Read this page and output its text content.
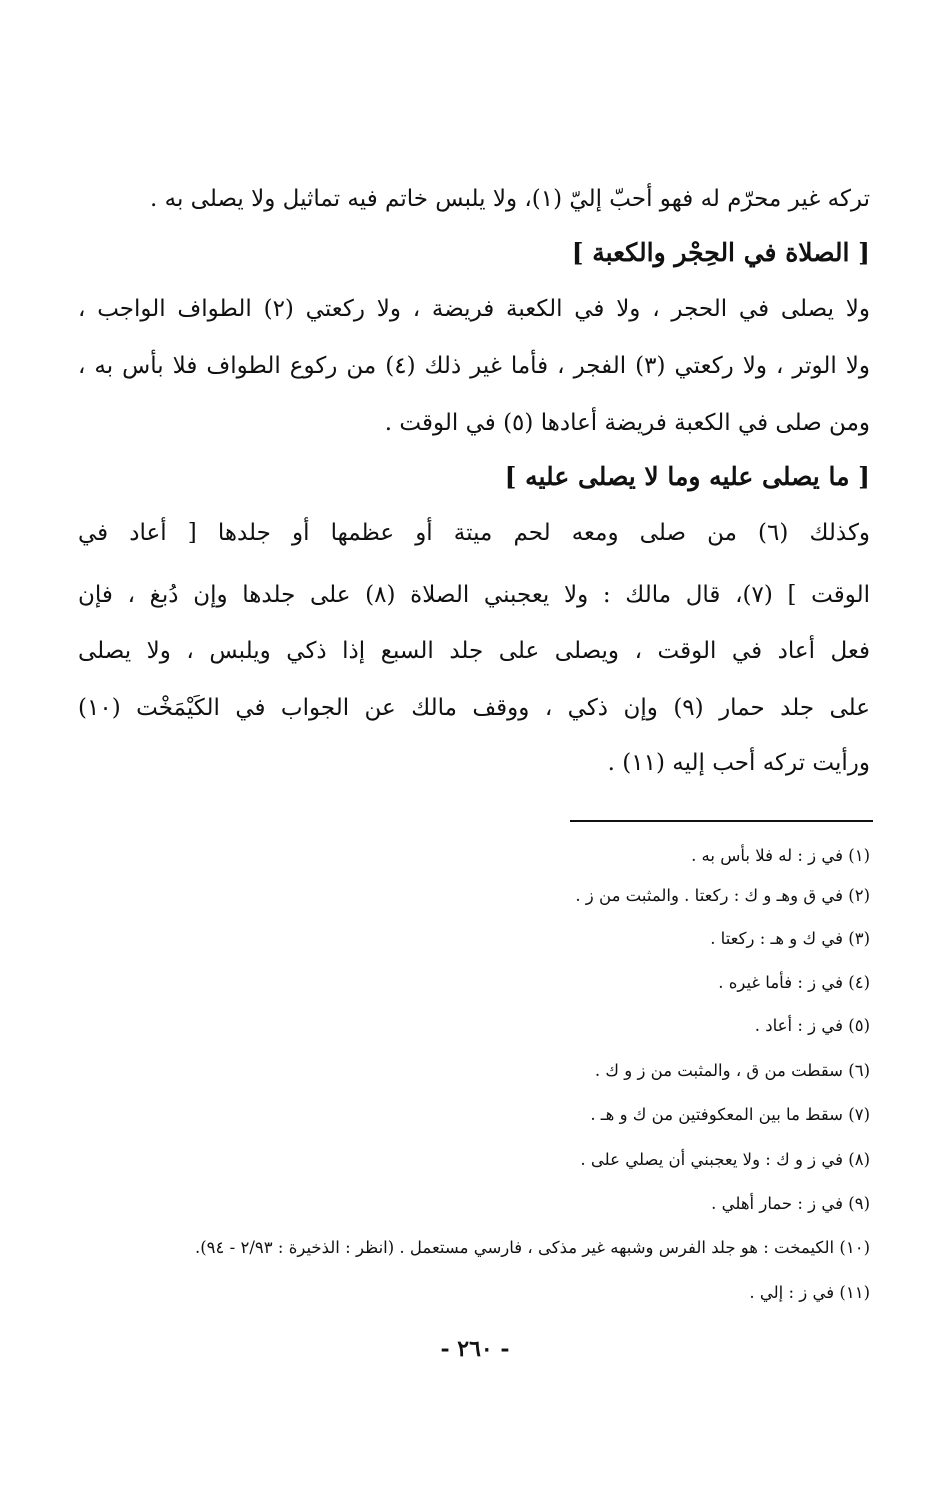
تركه غير محرّم له فهو أحبّ إليّ (١)، ولا يلبس خاتم فيه تماثيل ولا يصلى به .
[ الصلاة في الحِجْر والكعبة ]
ولا يصلى في الحجر ، ولا في الكعبة فريضة ، ولا ركعتي (٢) الطواف الواجب ،
ولا الوتر ، ولا ركعتي (٣) الفجر ، فأما غير ذلك (٤) من ركوع الطواف فلا بأس به ،
ومن صلى في الكعبة فريضة أعادها (٥) في الوقت .
[ ما يصلى عليه وما لا يصلى عليه ]
وكذلك (٦) من صلى ومعه لحم ميتة أو عظمها أو جلدها [ أعاد في
الوقت ] (٧)، قال مالك : ولا يعجبني الصلاة (٨) على جلدها وإن دُبغ ، فإن
فعل أعاد في الوقت ، ويصلى على جلد السبع إذا ذكي ويلبس ، ولا يصلى
على جلد حمار (٩) وإن ذكي ، ووقف مالك عن الجواب في الكَيْمَخْت (١٠)
ورأيت تركه أحب إليه (١١) .
(١) في ز : له فلا بأس به .
(٢) في ق وهـ و ك : ركعتا . والمثبت من ز .
(٣) في ك و هـ : ركعتا .
(٤) في ز : فأما غيره .
(٥) في ز : أعاد .
(٦) سقطت من ق ، والمثبت من ز و ك .
(٧) سقط ما بين المعكوفتين من ك و هـ .
(٨) في ز و ك : ولا يعجبني أن يصلي على .
(٩) في ز : حمار أهلي .
(١٠) الكيمخت : هو جلد الفرس وشبهه غير مذكى ، فارسي مستعمل . (انظر : الذخيرة : ٢/٩٣ - ٩٤).
(١١) في ز : إلي .
- ٢٦٠ -
